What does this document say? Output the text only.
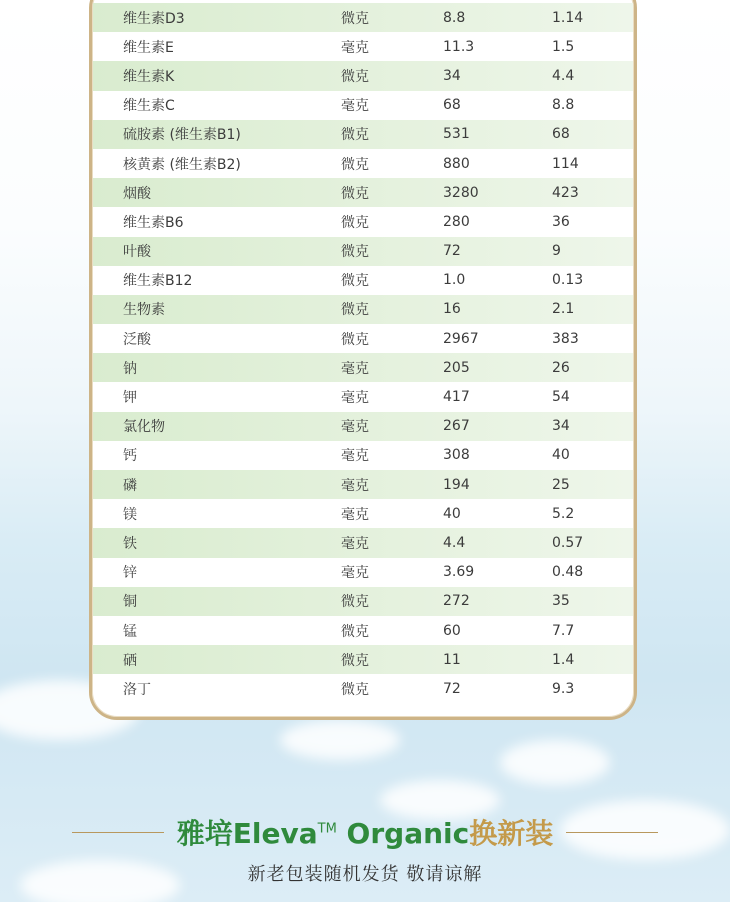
维生素D3	微克	8.8	1.14
维生素E	毫克	11.3	1.5
维生素K	微克	34	4.4
维生素C	毫克	68	8.8
硫胺素 (维生素B1)	微克	531	68
核黄素 (维生素B2)	微克	880	114
烟酸	微克	3280	423
维生素B6	微克	280	36
叶酸	微克	72	9
维生素B12	微克	1.0	0.13
生物素	微克	16	2.1
泛酸	微克	2967	383
钠	毫克	205	26
钾	毫克	417	54
氯化物	毫克	267	34
钙	毫克	308	40
磷	毫克	194	25
镁	毫克	40	5.2
铁	毫克	4.4	0.57
锌	毫克	3.69	0.48
铜	微克	272	35
锰	微克	60	7.7
硒	微克	11	1.4
洛丁	微克	72	9.3
雅培Eleva™ Organic换新装
新老包装随机发货 敬请谅解
